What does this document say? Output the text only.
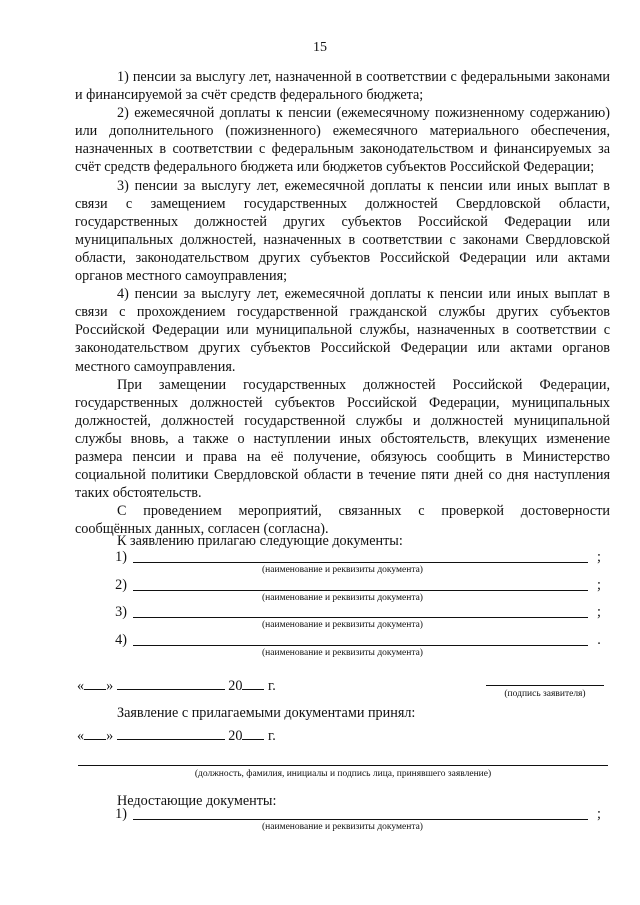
15

1) пенсии за выслугу лет, назначенной в соответствии с федеральными законами и финансируемой за счёт средств федерального бюджета;

2) ежемесячной доплаты к пенсии (ежемесячному пожизненному содержанию) или дополнительного (пожизненного) ежемесячного материального обеспечения, назначенных в соответствии с федеральным законодательством и финансируемых за счёт средств федерального бюджета или бюджетов субъектов Российской Федерации;

3) пенсии за выслугу лет, ежемесячной доплаты к пенсии или иных выплат в связи с замещением государственных должностей Свердловской области, государственных должностей других субъектов Российской Федерации или муниципальных должностей, назначенных в соответствии с законами Свердловской области, законодательством других субъектов Российской Федерации или актами органов местного самоуправления;

4) пенсии за выслугу лет, ежемесячной доплаты к пенсии или иных выплат в связи с прохождением государственной гражданской службы других субъектов Российской Федерации или муниципальной службы, назначенных в соответствии с законодательством других субъектов Российской Федерации или актами органов местного самоуправления.

При замещении государственных должностей Российской Федерации, государственных должностей субъектов Российской Федерации, муниципальных должностей, должностей государственной службы и должностей муниципальной службы вновь, а также о наступлении иных обстоятельств, влекущих изменение размера пенсии и права на её получение, обязуюсь сообщить в Министерство социальной политики Свердловской области в течение пяти дней со дня наступления таких обстоятельств.

С проведением мероприятий, связанных с проверкой достоверности сообщённых данных, согласен (согласна).

К заявлению прилагаю следующие документы:
1)	;
(наименование и реквизиты документа)
2)	;
(наименование и реквизиты документа)
3)	;
(наименование и реквизиты документа)
4)	.
(наименование и реквизиты документа)
« »	20 г.	(подпись заявителя)
Заявление с прилагаемыми документами принял:
« »	20 г.
(должность, фамилия, инициалы и подпись лица, принявшего заявление)
Недостающие документы:
1)	;
(наименование и реквизиты документа)
